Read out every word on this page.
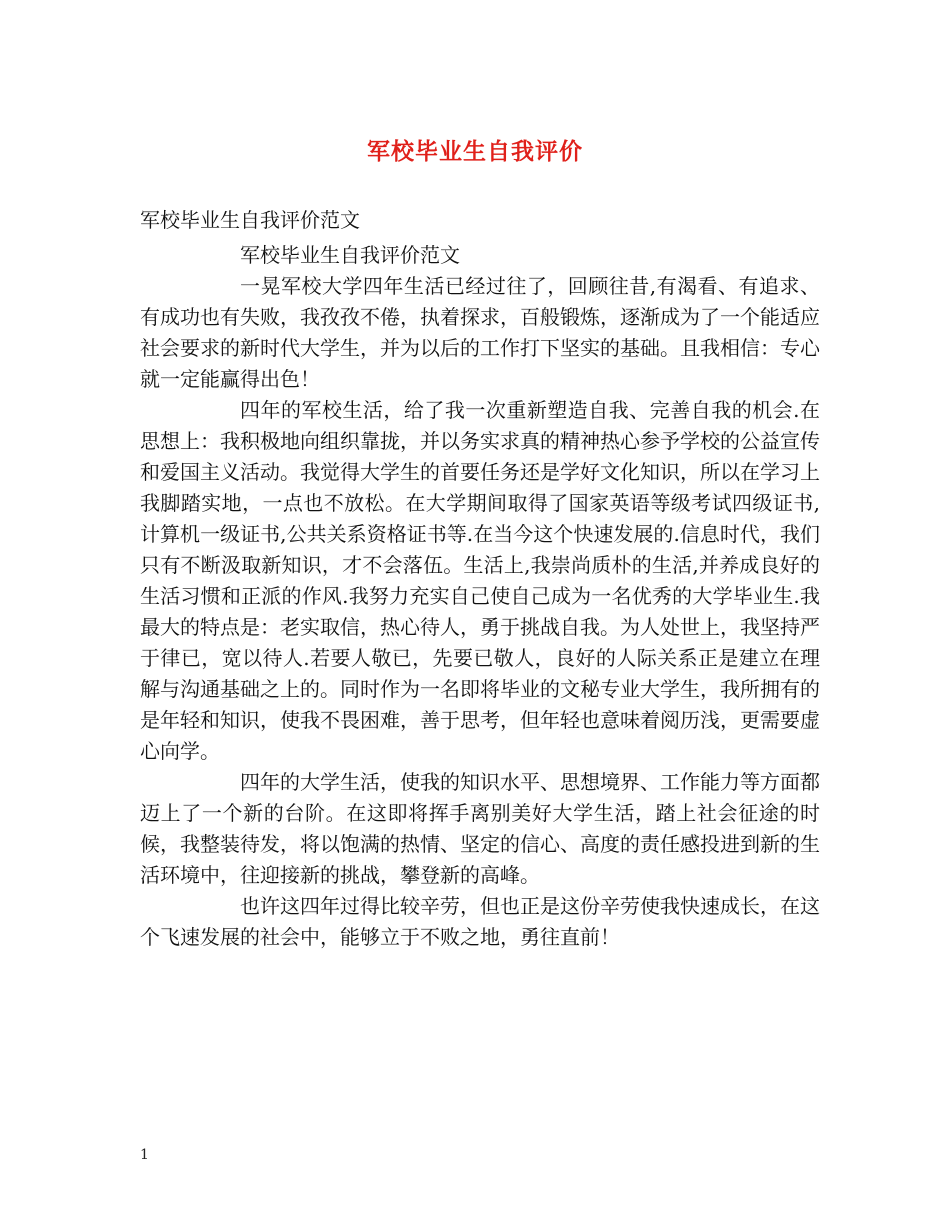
军校毕业生自我评价

军校毕业生自我评价范文

军校毕业生自我评价范文

一晃军校大学四年生活已经过往了，回顾往昔,有渴看、有追求、有成功也有失败，我孜孜不倦，执着探求，百般锻炼，逐渐成为了一个能适应社会要求的新时代大学生，并为以后的工作打下坚实的基础。且我相信：专心就一定能赢得出色！

四年的军校生活，给了我一次重新塑造自我、完善自我的机会.在思想上：我积极地向组织靠拢，并以务实求真的精神热心参予学校的公益宣传和爱国主义活动。我觉得大学生的首要任务还是学好文化知识，所以在学习上我脚踏实地，一点也不放松。在大学期间取得了国家英语等级考试四级证书,计算机一级证书,公共关系资格证书等.在当今这个快速发展的.信息时代，我们只有不断汲取新知识，才不会落伍。生活上,我崇尚质朴的生活,并养成良好的生活习惯和正派的作风.我努力充实自己使自己成为一名优秀的大学毕业生.我最大的特点是：老实取信，热心待人，勇于挑战自我。为人处世上，我坚持严于律已，宽以待人.若要人敬已，先要已敬人，良好的人际关系正是建立在理解与沟通基础之上的。同时作为一名即将毕业的文秘专业大学生，我所拥有的是年轻和知识，使我不畏困难，善于思考，但年轻也意味着阅历浅，更需要虚心向学。

四年的大学生活，使我的知识水平、思想境界、工作能力等方面都迈上了一个新的台阶。在这即将挥手离别美好大学生活，踏上社会征途的时候，我整装待发，将以饱满的热情、坚定的信心、高度的责任感投进到新的生活环境中，往迎接新的挑战，攀登新的高峰。

也许这四年过得比较辛劳，但也正是这份辛劳使我快速成长，在这个飞速发展的社会中，能够立于不败之地，勇往直前！

1
